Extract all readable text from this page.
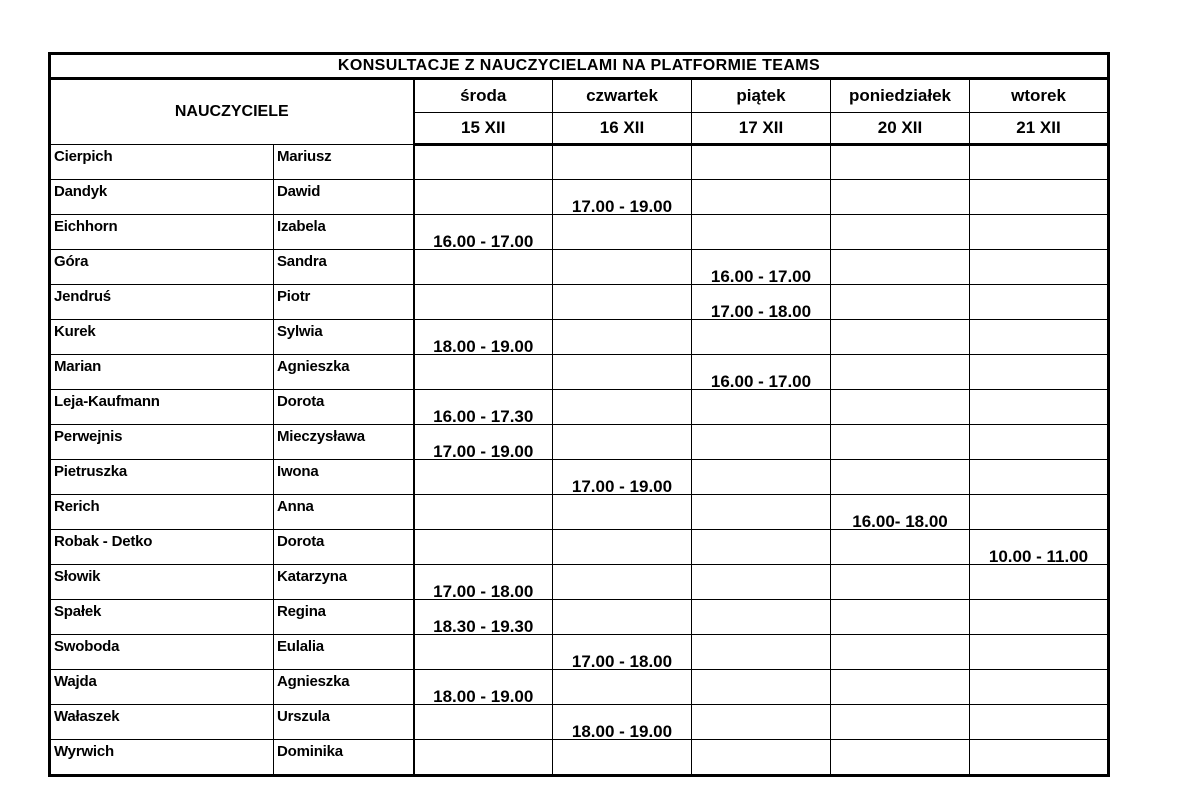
KONSULTACJE Z NAUCZYCIELAMI NA PLATFORMIE TEAMS						
NAUCZYCIELE		środa	czwartek	piątek	poniedziałek	wtorek
		15 XII	16 XII	17 XII	20 XII	21 XII
Cierpich	Mariusz					
Dandyk	Dawid		17.00 - 19.00			
Eichhorn	Izabela	16.00 - 17.00				
Góra	Sandra			16.00 - 17.00		
Jendruś	Piotr			17.00 - 18.00		
Kurek	Sylwia	18.00 - 19.00				
Marian	Agnieszka			16.00 - 17.00		
Leja-Kaufmann	Dorota	16.00 - 17.30				
Perwejnis	Mieczysława	17.00 - 19.00				
Pietruszka	Iwona		17.00 - 19.00			
Rerich	Anna				16.00- 18.00	
Robak - Detko	Dorota					10.00 - 11.00
Słowik	Katarzyna	17.00 - 18.00				
Spałek	Regina	18.30 - 19.30				
Swoboda	Eulalia		17.00 - 18.00			
Wajda	Agnieszka	18.00 - 19.00				
Wałaszek	Urszula		18.00 - 19.00			
Wyrwich	Dominika					
